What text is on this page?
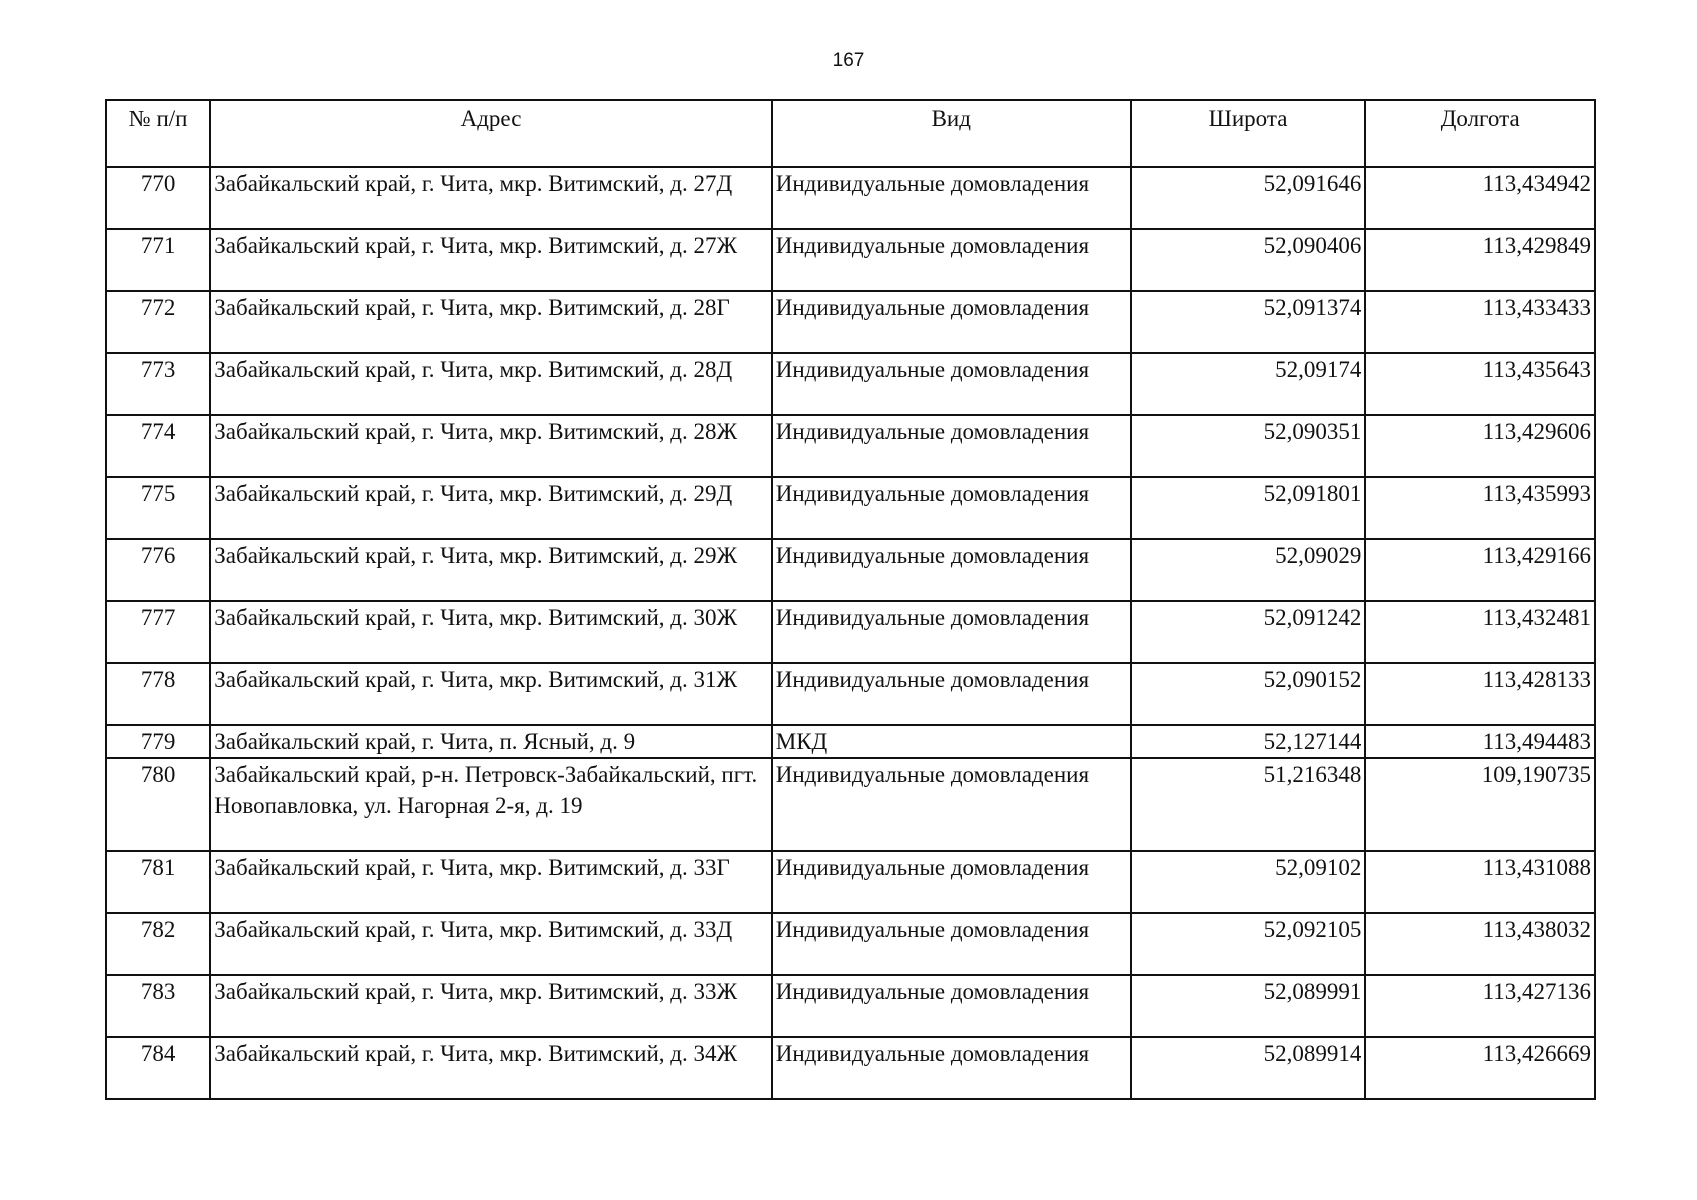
167
№ п/п	Адрес	Вид	Широта	Долгота
770	Забайкальский край, г. Чита, мкр. Витимский, д. 27Д	Индивидуальные домовладения	52,091646	113,434942
771	Забайкальский край, г. Чита, мкр. Витимский, д. 27Ж	Индивидуальные домовладения	52,090406	113,429849
772	Забайкальский край, г. Чита, мкр. Витимский, д. 28Г	Индивидуальные домовладения	52,091374	113,433433
773	Забайкальский край, г. Чита, мкр. Витимский, д. 28Д	Индивидуальные домовладения	52,09174	113,435643
774	Забайкальский край, г. Чита, мкр. Витимский, д. 28Ж	Индивидуальные домовладения	52,090351	113,429606
775	Забайкальский край, г. Чита, мкр. Витимский, д. 29Д	Индивидуальные домовладения	52,091801	113,435993
776	Забайкальский край, г. Чита, мкр. Витимский, д. 29Ж	Индивидуальные домовладения	52,09029	113,429166
777	Забайкальский край, г. Чита, мкр. Витимский, д. 30Ж	Индивидуальные домовладения	52,091242	113,432481
778	Забайкальский край, г. Чита, мкр. Витимский, д. 31Ж	Индивидуальные домовладения	52,090152	113,428133
779	Забайкальский край, г. Чита, п. Ясный, д. 9	МКД	52,127144	113,494483
780	Забайкальский край, р-н. Петровск-Забайкальский, пгт. Новопавловка, ул. Нагорная 2-я, д. 19	Индивидуальные домовладения	51,216348	109,190735
781	Забайкальский край, г. Чита, мкр. Витимский, д. 33Г	Индивидуальные домовладения	52,09102	113,431088
782	Забайкальский край, г. Чита, мкр. Витимский, д. 33Д	Индивидуальные домовладения	52,092105	113,438032
783	Забайкальский край, г. Чита, мкр. Витимский, д. 33Ж	Индивидуальные домовладения	52,089991	113,427136
784	Забайкальский край, г. Чита, мкр. Витимский, д. 34Ж	Индивидуальные домовладения	52,089914	113,426669
